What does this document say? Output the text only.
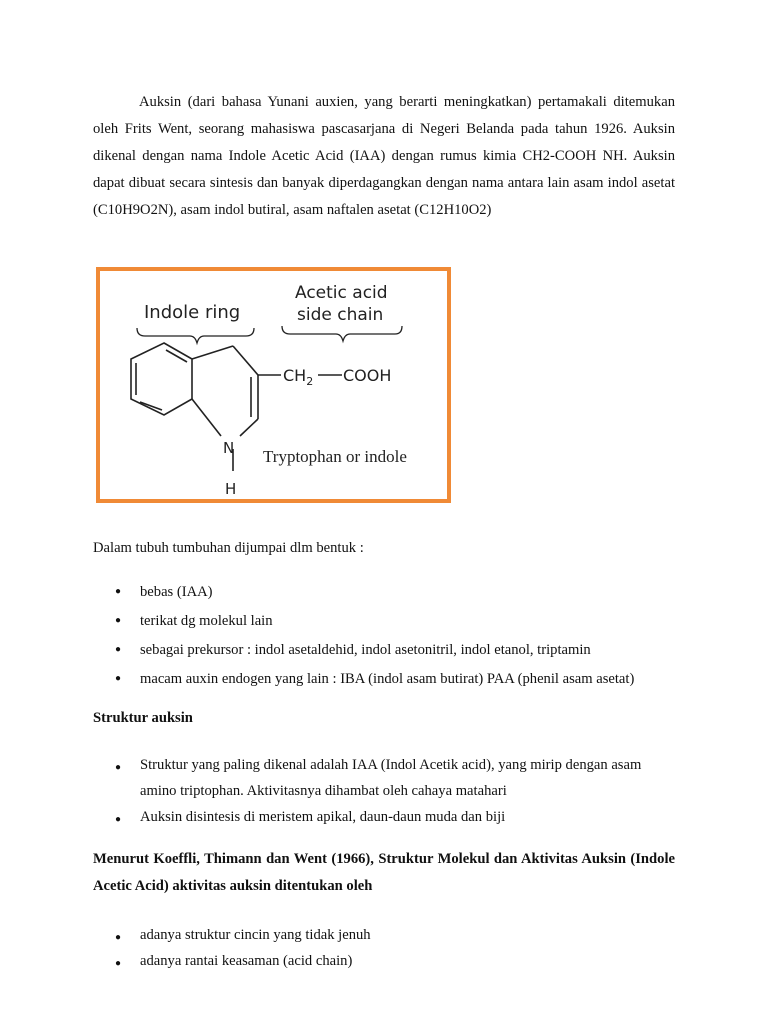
Auksin (dari bahasa Yunani auxien, yang berarti meningkatkan) pertamakali ditemukan oleh Frits Went, seorang mahasiswa pascasarjana di Negeri Belanda pada tahun 1926. Auksin dikenal dengan nama Indole Acetic Acid (IAA) dengan rumus kimia CH2-COOH NH. Auksin dapat dibuat secara sintesis dan banyak diperdagangkan dengan nama antara lain asam indol asetat (C10H9O2N), asam indol butiral, asam naftalen asetat (C12H10O2)

Indole ring
Acetic acid
side chain
N
H
$CH_2$ COOH
Tryptophan or indole

Dalam tubuh tumbuhan dijumpai dlm bentuk :

● bebas (IAA)
● terikat dg molekul lain
● sebagai prekursor : indol asetaldehid, indol asetonitril, indol etanol, triptamin
● macam auxin endogen yang lain : IBA (indol asam butirat) PAA (phenil asam asetat)

Struktur auksin

● Struktur yang paling dikenal adalah IAA (Indol Acetik acid), yang mirip dengan asam amino triptophan. Aktivitasnya dihambat oleh cahaya matahari
● Auksin disintesis di meristem apikal, daun-daun muda dan biji

Menurut Koeffli, Thimann dan Went (1966), Struktur Molekul dan Aktivitas Auksin (Indole Acetic Acid) aktivitas auksin ditentukan oleh

● adanya struktur cincin yang tidak jenuh
● adanya rantai keasaman (acid chain)
